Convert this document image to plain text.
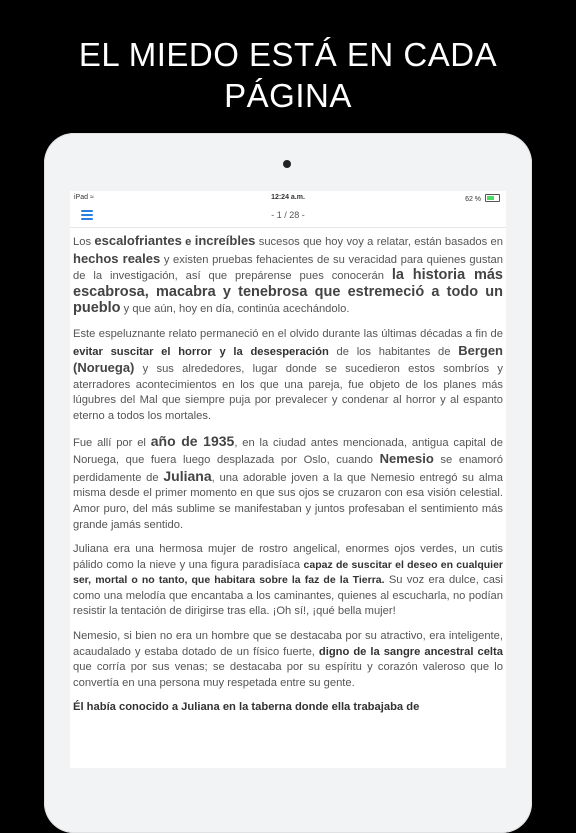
EL MIEDO ESTÁ EN CADA
PÁGINA
iPad ≈	12:24 a.m.	62 %
- 1 / 28 -

Los escalofriantes e increíbles sucesos que hoy voy a relatar, están basados en hechos reales y existen pruebas fehacientes de su veracidad para quienes gustan de la investigación, así que prepárense pues conocerán la historia más escabrosa, macabra y tenebrosa que estremeció a todo un pueblo y que aún, hoy en día, continúa acechándolo.

Este espeluznante relato permaneció en el olvido durante las últimas décadas a fin de evitar suscitar el horror y la desesperación de los habitantes de Bergen (Noruega) y sus alrededores, lugar donde se sucedieron estos sombríos y aterradores acontecimientos en los que una pareja, fue objeto de los planes más lúgubres del Mal que siempre puja por prevalecer y condenar al horror y al espanto eterno a todos los mortales.

Fue allí por el año de 1935, en la ciudad antes mencionada, antigua capital de Noruega, que fuera luego desplazada por Oslo, cuando Nemesio se enamoró perdidamente de Juliana, una adorable joven a la que Nemesio entregó su alma misma desde el primer momento en que sus ojos se cruzaron con esa visión celestial. Amor puro, del más sublime se manifestaban y juntos profesaban el sentimiento más grande jamás sentido.

Juliana era una hermosa mujer de rostro angelical, enormes ojos verdes, un cutis pálido como la nieve y una figura paradisíaca capaz de suscitar el deseo en cualquier ser, mortal o no tanto, que habitara sobre la faz de la Tierra. Su voz era dulce, casi como una melodía que encantaba a los caminantes, quienes al escucharla, no podían resistir la tentación de dirigirse tras ella. ¡Oh sí!, ¡qué bella mujer!

Nemesio, si bien no era un hombre que se destacaba por su atractivo, era inteligente, acaudalado y estaba dotado de un físico fuerte, digno de la sangre ancestral celta que corría por sus venas; se destacaba por su espíritu y corazón valeroso que lo convertía en una persona muy respetada entre su gente.

Él había conocido a Juliana en la taberna donde ella trabajaba de
